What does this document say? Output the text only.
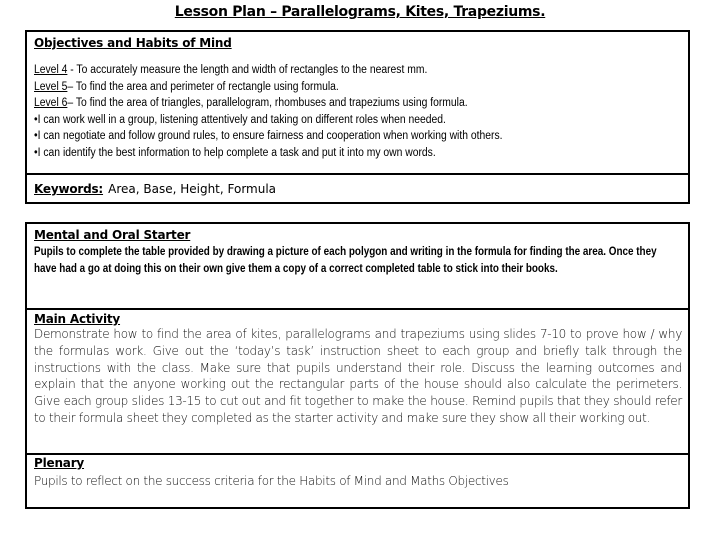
Lesson Plan – Parallelograms, Kites, Trapeziums.
Objectives and Habits of Mind
Level 4 - To accurately measure the length and width of rectangles to the nearest mm.
Level 5– To find the area and perimeter of rectangle using formula.
Level 6– To find the area of triangles, parallelogram, rhombuses and trapeziums using formula.
•I can work well in a group, listening attentively and taking on different roles when needed.
•I can negotiate and follow ground rules, to ensure fairness and cooperation when working with others.
•I can identify the best information to help complete a task and put it into my own words.
Keywords: Area, Base, Height, Formula
Mental and Oral Starter
Pupils to complete the table provided by drawing a picture of each polygon and writing in the formula for finding the area. Once they have had a go at doing this on their own give them a copy of a correct completed table to stick into their books.
Main Activity
Demonstrate how to find the area of kites, parallelograms and trapeziums using slides 7-10 to prove how / why the formulas work. Give out the ‘today’s task’ instruction sheet to each group and briefly talk through the instructions with the class. Make sure that pupils understand their role. Discuss the learning outcomes and explain that the anyone working out the rectangular parts of the house should also calculate the perimeters. Give each group slides 13-15 to cut out and fit together to make the house. Remind pupils that they should refer to their formula sheet they completed as the starter activity and make sure they show all their working out.
Plenary
Pupils to reflect on the success criteria for the Habits of Mind and Maths Objectives
